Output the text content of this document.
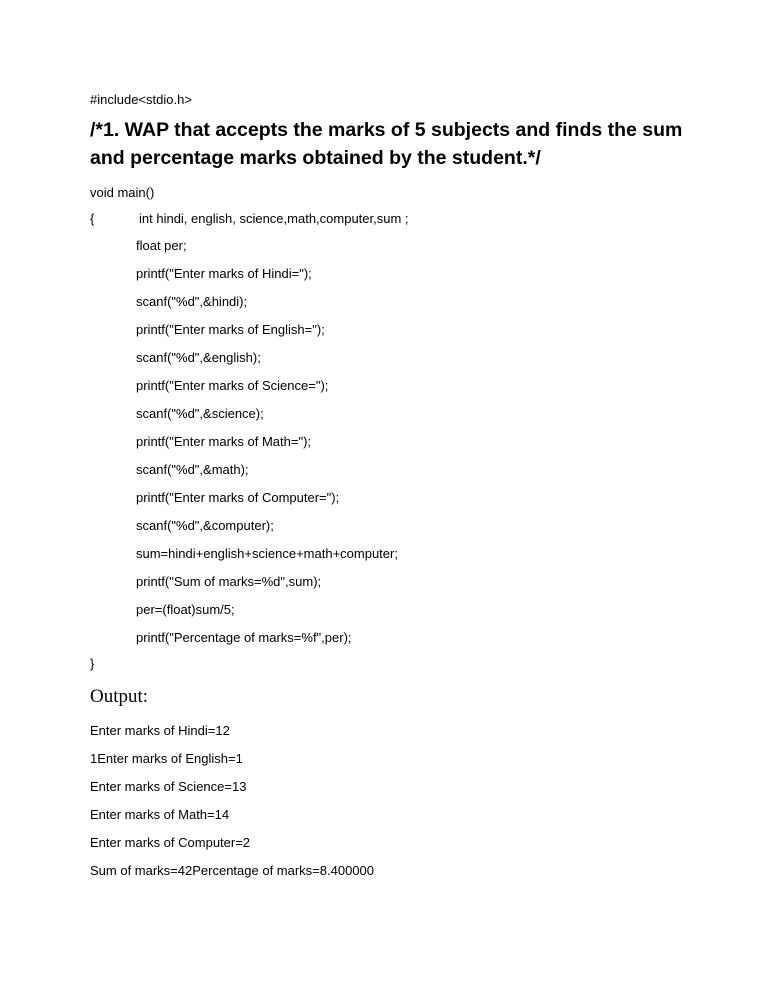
#include<stdio.h>
/*1. WAP that accepts the marks of 5 subjects and finds the sum and percentage marks obtained by the student.*/
void main()
{	int hindi, english, science,math,computer,sum ;
float per;
printf("Enter marks of Hindi=");
scanf("%d",&hindi);
printf("Enter marks of English=");
scanf("%d",&english);
printf("Enter marks of Science=");
scanf("%d",&science);
printf("Enter marks of Math=");
scanf("%d",&math);
printf("Enter marks of Computer=");
scanf("%d",&computer);
sum=hindi+english+science+math+computer;
printf("Sum of marks=%d",sum);
per=(float)sum/5;
printf("Percentage of marks=%f",per);
}
Output:
Enter marks of Hindi=12
1Enter marks of English=1
Enter marks of Science=13
Enter marks of Math=14
Enter marks of Computer=2
Sum of marks=42Percentage of marks=8.400000
